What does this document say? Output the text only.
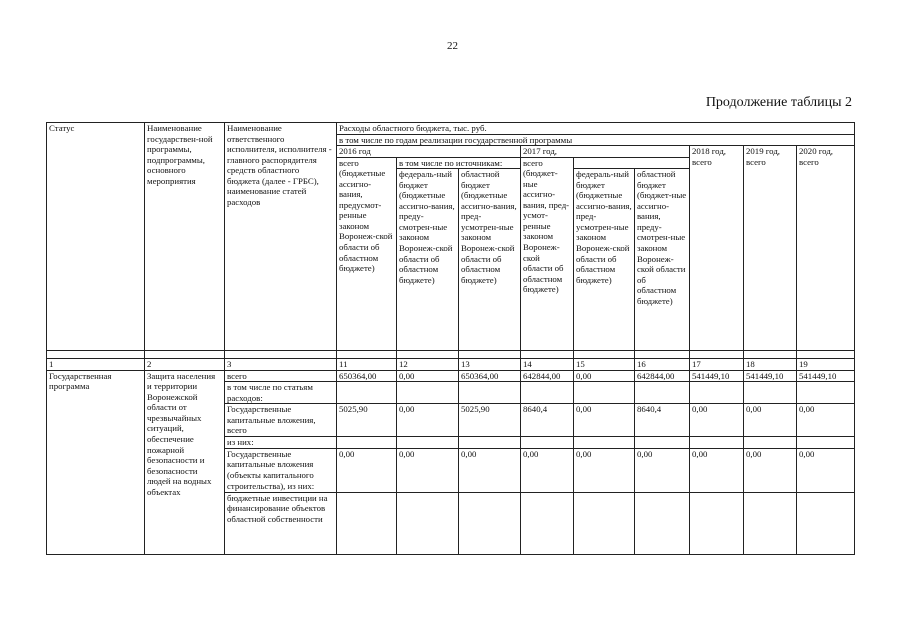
22
Продолжение таблицы 2
Статус	Наименование государствен-ной программы, подпрограммы, основного мероприятия	Наименование ответственного исполнителя, исполнителя - главного распорядителя средств областного бюджета (далее - ГРБС), наименование статей расходов	Расходы областного бюджета, тыс. руб.								
			в том числе по годам реализации государственной программы								
			2016 год			2017 год,			2018 год, всего	2019 год, всего	2020 год, всего
			всего (бюджетные ассигно-вания, предусмот-ренные законом Воронеж-ской области об областном бюджете)	в том числе по источникам:		всего (бюджет-ные ассигно-вания, пред-усмот-ренные законом Воронеж-ской области об областном бюджете)					
				федераль-ный бюджет (бюджетные ассигно-вания, преду-смотрен-ные законом Воронеж-ской области об областном бюджете)	областной бюджет (бюджетные ассигно-вания, пред-усмотрен-ные законом Воронеж-ской области об областном бюджете)		федераль-ный бюджет (бюджетные ассигно-вания, пред-усмотрен-ные законом Воронеж-ской области об областном бюджете)	областной бюджет (бюджет-ные ассигно-вания, преду-смотрен-ные законом Воронеж-ской области об областном бюджете)			

1	2	3	11	12	13	14	15	16	17	18	19
Государственная программа	Защита населения и территории Воронежской области от чрезвычайных ситуаций, обеспечение пожарной безопасности и безопасности людей на водных объектах	всего	650364,00	0,00	650364,00	642844,00	0,00	642844,00	541449,10	541449,10	541449,10
		в том числе по статьям расходов:									
		Государственные капитальные вложения, всего	5025,90	0,00	5025,90	8640,4	0,00	8640,4	0,00	0,00	0,00
		из них:									
		Государственные капитальные вложения (объекты капитального строительства), из них:	0,00	0,00	0,00	0,00	0,00	0,00	0,00	0,00	0,00
		бюджетные инвестиции на финансирование объектов областной собственности									
